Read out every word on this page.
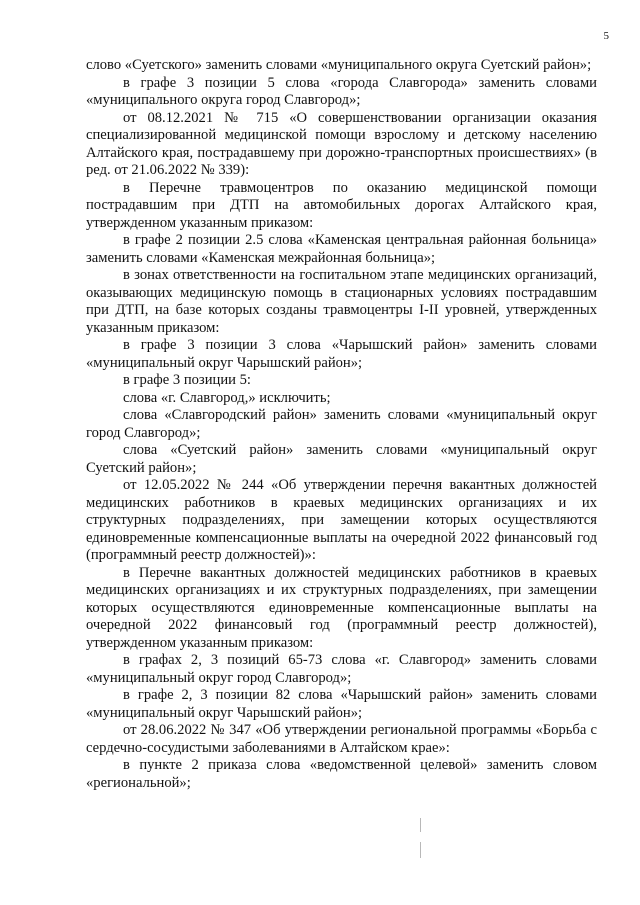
5

слово «Суетского» заменить словами «муниципального округа Суетский район»;

в графе 3 позиции 5 слова «города Славгорода» заменить словами «муниципального округа город Славгород»;

от 08.12.2021 № 715 «О совершенствовании организации оказания специализированной медицинской помощи взрослому и детскому населению Алтайского края, пострадавшему при дорожно-транспортных происшествиях» (в ред. от 21.06.2022 № 339):

в Перечне травмоцентров по оказанию медицинской помощи пострадавшим при ДТП на автомобильных дорогах Алтайского края, утвержденном указанным приказом:

в графе 2 позиции 2.5 слова «Каменская центральная районная больница» заменить словами «Каменская межрайонная больница»;

в зонах ответственности на госпитальном этапе медицинских организаций, оказывающих медицинскую помощь в стационарных условиях пострадавшим при ДТП, на базе которых созданы травмоцентры I-II уровней, утвержденных указанным приказом:

в графе 3 позиции 3 слова «Чарышский район» заменить словами «муниципальный округ Чарышский район»;

в графе 3 позиции 5:

слова «г. Славгород,» исключить;

слова «Славгородский район» заменить словами «муниципальный округ город Славгород»;

слова «Суетский район» заменить словами «муниципальный округ Суетский район»;

от 12.05.2022 № 244 «Об утверждении перечня вакантных должностей медицинских работников в краевых медицинских организациях и их структурных подразделениях, при замещении которых осуществляются единовременные компенсационные выплаты на очередной 2022 финансовый год (программный реестр должностей)»:

в Перечне вакантных должностей медицинских работников в краевых медицинских организациях и их структурных подразделениях, при замещении которых осуществляются единовременные компенсационные выплаты на очередной 2022 финансовый год (программный реестр должностей), утвержденном указанным приказом:

в графах 2, 3 позиций 65-73 слова «г. Славгород» заменить словами «муниципальный округ город Славгород»;

в графе 2, 3 позиции 82 слова «Чарышский район» заменить словами «муниципальный округ Чарышский район»;

от 28.06.2022 № 347 «Об утверждении региональной программы «Борьба с сердечно-сосудистыми заболеваниями в Алтайском крае»:

в пункте 2 приказа слова «ведомственной целевой» заменить словом «региональной»;
